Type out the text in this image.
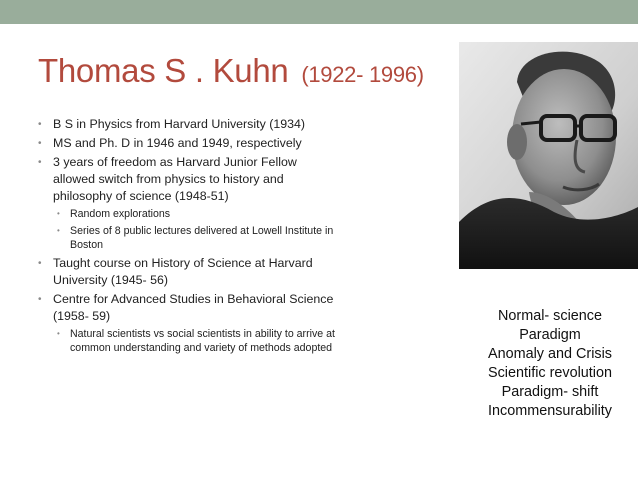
Thomas S . Kuhn (1922- 1996)
• B S in Physics from Harvard University (1934)
• MS and Ph. D in 1946 and 1949, respectively
• 3 years of freedom as Harvard Junior Fellow allowed switch from physics to history and philosophy of science (1948-51)
• Random explorations
• Series of 8 public lectures delivered at Lowell Institute in Boston
• Taught course on History of Science at Harvard University (1945- 56)
• Centre for Advanced Studies in Behavioral Science (1958- 59)
• Natural scientists vs social scientists in ability to arrive at common understanding and variety of methods adopted
Normal- science
Paradigm
Anomaly and Crisis
Scientific revolution
Paradigm- shift
Incommensurability
